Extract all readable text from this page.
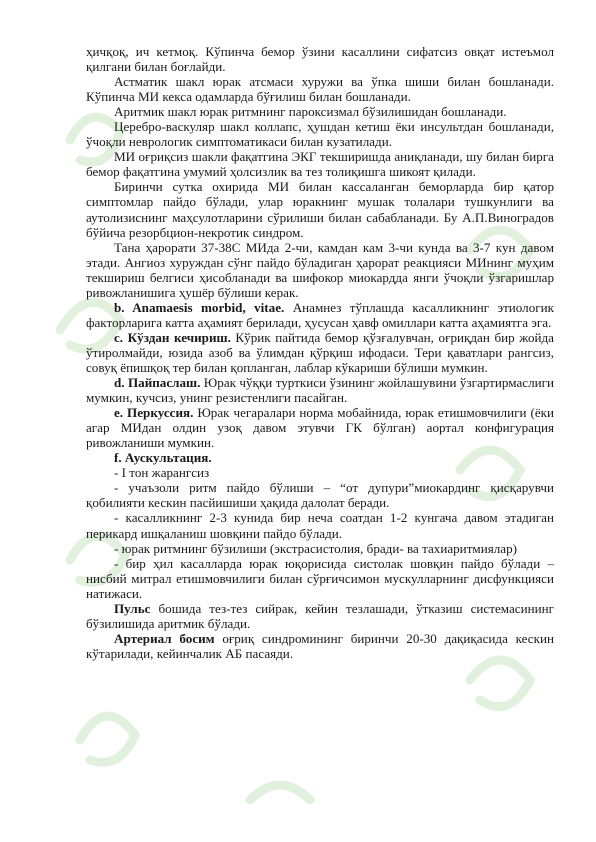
ҳичқоқ, ич кетмоқ. Кўпинча бемор ўзини касаллини сифатсиз овқат истеъмол қилгани билан боғлайди.

Астматик шакл юрак атсмаси хуружи ва ўпка шиши билан бошланади. Кўпинча МИ кекса одамларда бўғилиш билан бошланади.

Аритмик шакл юрак ритмнинг пароксизмал бўзилишидан бошланади.

Церебро-васкуляр шакл коллапс, ҳушдан кетиш ёки инсультдан бошланади, ўчоқли неврологик симптоматикаси билан кузатилади.

МИ оғриқсиз шакли фақатгина ЭКГ текширишда аниқланади, шу билан бирга бемор фақатгина умумий ҳолсизлик ва тез толиқишга шикоят қилади.

Биринчи сутка охирида МИ билан кассаланган беморларда бир қатор симптомлар пайдо бўлади, улар юракнинг мушак толалари тушкунлиги ва аутолизиснинг маҳсулотларини сўрилиши билан сабабланади. Бу А.П.Виноградов бўйича резорбцион-некротик синдром.

Тана ҳарорати 37-38С МИда 2-чи, камдан кам 3-чи кунда ва 3-7 кун давом этади. Ангиоз хуруждан сўнг пайдо бўладиган ҳарорат реакцияси МИнинг муҳим текшириш белгиси ҳисобланади ва шифокор миокардда янги ўчоқли ўзгаришлар ривожланишига ҳушёр бўлиши керак.

b. Anamaesis morbid, vitae. Анамнез тўплашда касалликнинг этиологик факторларига катта аҳамият берилади, ҳусусан ҳавф омиллари катта аҳамиятга эга.

c. Кўздан кечириш. Кўрик пайтида бемор қўзғалувчан, оғриқдан бир жойда ўтиролмайди, юзида азоб ва ўлимдан қўрқиш ифодаси. Тери қаватлари рангсиз, совуқ ёпишқоқ тер билан қопланган, лаблар кўкариши бўлиши мумкин.

d. Пайпаслаш. Юрак чўққи турткиси ўзининг жойлашувини ўзгартирмаслиги мумкин, кучсиз, унинг резистенлиги пасайган.

e. Перкуссия. Юрак чегаралари норма мобайнида, юрак етишмовчилиги (ёки агар МИдан олдин узоқ давом этувчи ГК бўлган) аортал конфигурация ривожланиши мумкин.

f. Аускультация.

- I тон жарангсиз

- учаъзоли ритм пайдо бўлиши – “от дупури”миокардинг қисқарувчи қобилияти кескин пасйишиши ҳақида далолат беради.

- касалликнинг 2-3 кунида бир неча соатдан 1-2 кунгача давом этадиган перикард ишқаланиш шовқини пайдо бўлади.

- юрак ритмнинг бўзилиши (экстрасистолия, бради- ва тахиаритмиялар)

- бир ҳил касалларда юрак юқорисида систолак шовқин пайдо бўлади – нисбий митрал етишмовчилиги билан сўрғичсимон мускулларнинг дисфункцияси натижаси.

Пульс бошида тез-тез сийрак, кейин тезлашади, ўтказиш системасининг бўзилишида аритмик бўлади.

Артериал босим оғриқ синдромининг биринчи 20-30 дақиқасида кескин кўтарилади, кейинчалик АБ пасаяди.
